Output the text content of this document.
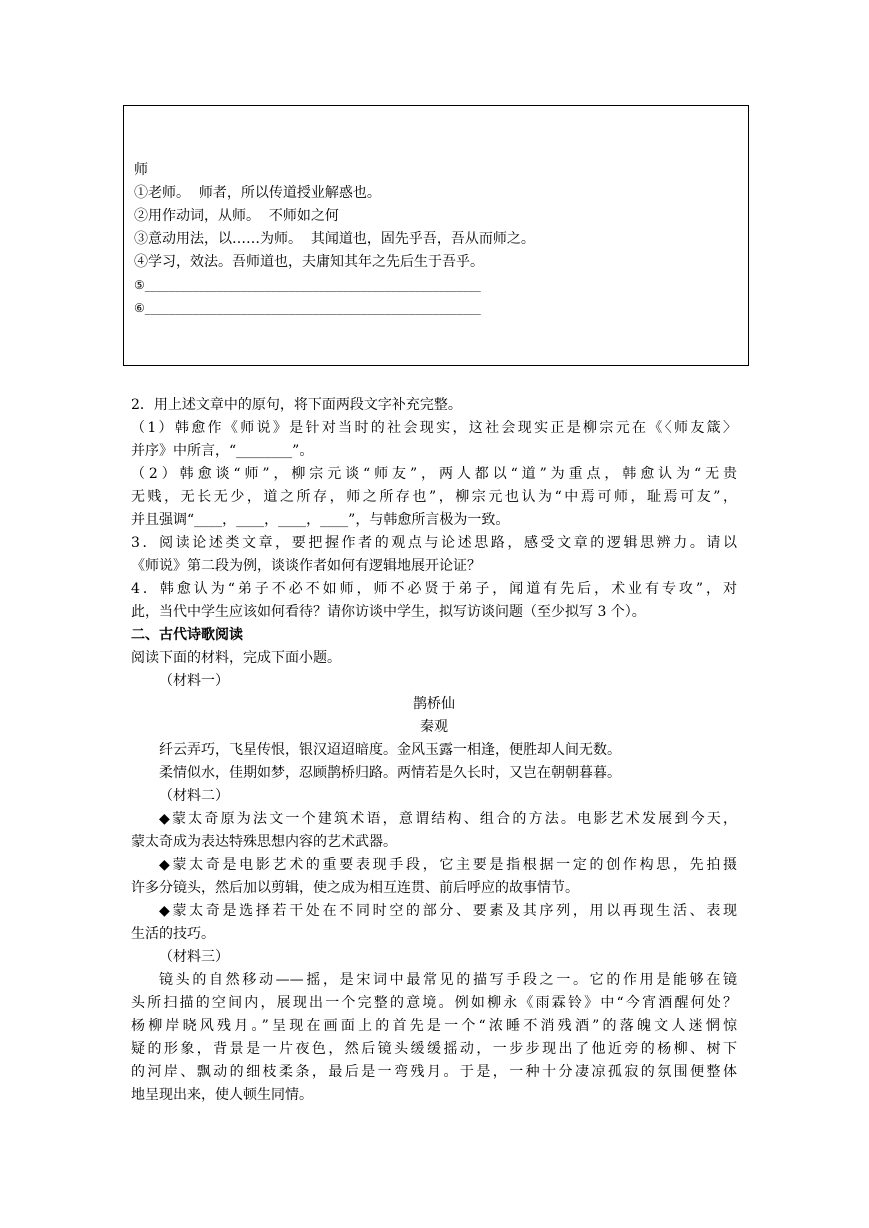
师
①老师。  师者，所以传道授业解惑也。
②用作动词，从师。  不师如之何
③意动用法，以……为师。  其闻道也，固先乎吾，吾从而师之。
④学习，效法。吾师道也，夫庸知其年之先后生于吾乎。
⑤________________________________________________________
⑥________________________________________________________
2．用上述文章中的原句，将下面两段文字补充完整。
（1）韩愈作《师说》是针对当时的社会现实，这社会现实正是柳宗元在《〈师友箴〉
并序》中所言，“________”。
（2）韩愈谈“师”，柳宗元谈“师友”，两人都以“道”为重点，韩愈认为“无贵
无贱，无长无少，道之所存，师之所存也”，柳宗元也认为“中焉可师，耻焉可友”，
并且强调“____，____，____，____”，与韩愈所言极为一致。
3．阅读论述类文章，要把握作者的观点与论述思路，感受文章的逻辑思辨力。请以
《师说》第二段为例，谈谈作者如何有逻辑地展开论证？
4．韩愈认为“弟子不必不如师，师不必贤于弟子，闻道有先后，术业有专攻”，对
此，当代中学生应该如何看待？请你访谈中学生，拟写访谈问题（至少拟写 3 个）。
二、古代诗歌阅读
阅读下面的材料，完成下面小题。
（材料一）
鹊桥仙
秦观
纤云弄巧，飞星传恨，银汉迢迢暗度。金风玉露一相逢，便胜却人间无数。
柔情似水，佳期如梦，忍顾鹊桥归路。两情若是久长时，又岂在朝朝暮暮。
（材料二）
◆蒙太奇原为法文一个建筑术语，意谓结构、组合的方法。电影艺术发展到今天，
蒙太奇成为表达特殊思想内容的艺术武器。
◆蒙太奇是电影艺术的重要表现手段，它主要是指根据一定的创作构思，先拍摄
许多分镜头，然后加以剪辑，使之成为相互连贯、前后呼应的故事情节。
◆蒙太奇是选择若干处在不同时空的部分、要素及其序列，用以再现生活、表现
生活的技巧。
（材料三）
镜头的自然移动——摇，是宋词中最常见的描写手段之一。它的作用是能够在镜
头所扫描的空间内，展现出一个完整的意境。例如柳永《雨霖铃》中“今宵酒醒何处？
杨柳岸晓风残月。”呈现在画面上的首先是一个“浓睡不消残酒”的落魄文人迷惘惊
疑的形象，背景是一片夜色，然后镜头缓缓摇动，一步步现出了他近旁的杨柳、树下
的河岸、飘动的细枝柔条，最后是一弯残月。于是，一种十分凄凉孤寂的氛围便整体
地呈现出来，使人顿生同情。
